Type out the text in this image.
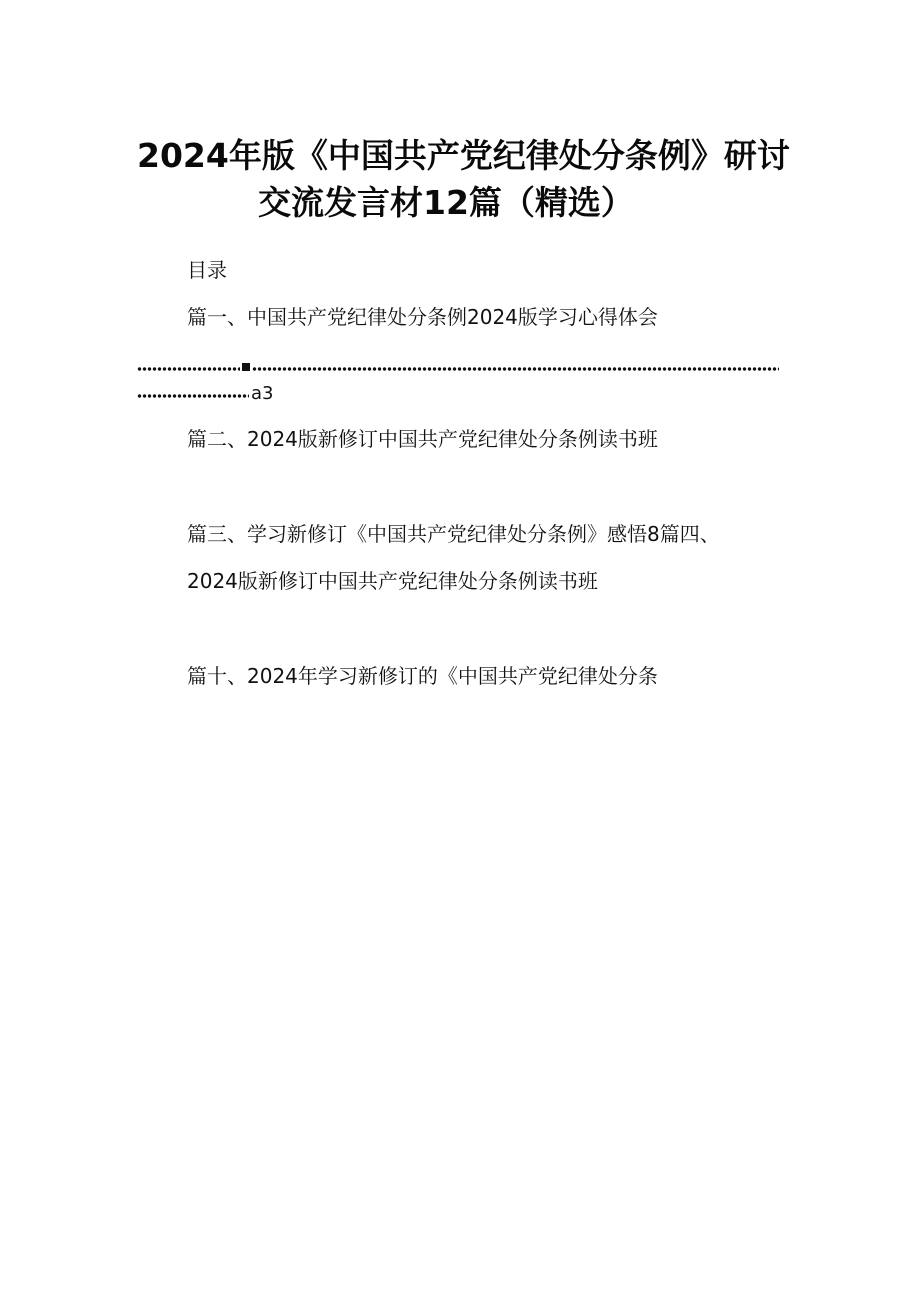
2024年版《中国共产党纪律处分条例》研讨
交流发言材12篇（精选）
目录
篇一、中国共产党纪律处分条例2024版学习心得体会
a3
篇二、2024版新修订中国共产党纪律处分条例读书班
篇三、学习新修订《中国共产党纪律处分条例》感悟8篇四、
2024版新修订中国共产党纪律处分条例读书班
篇十、2024年学习新修订的《中国共产党纪律处分条
